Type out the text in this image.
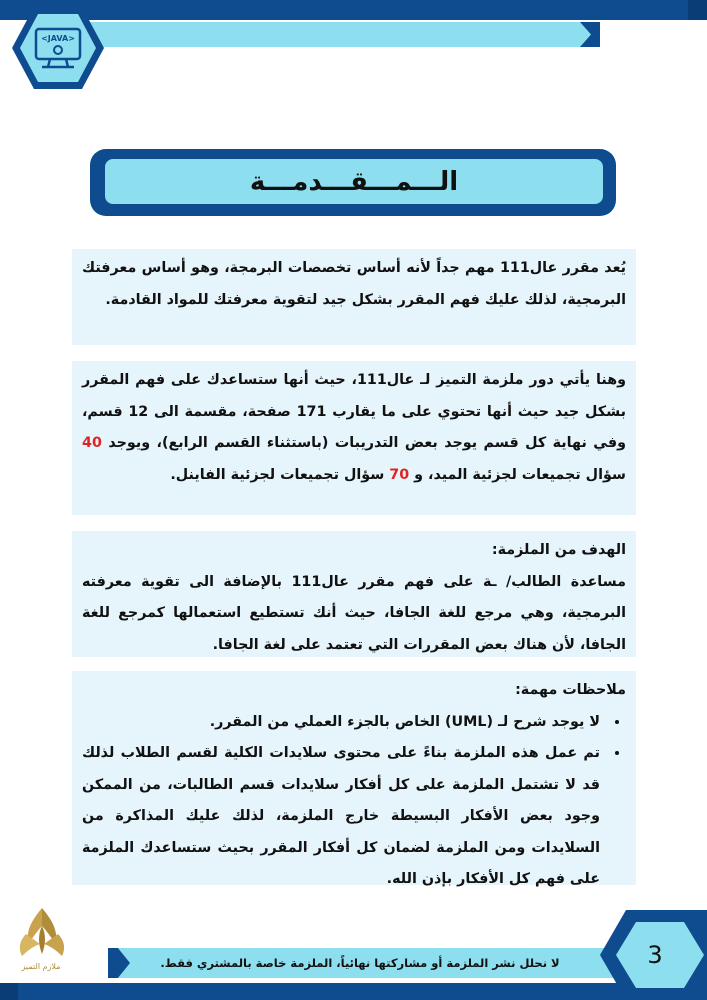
<JAVA>
الـــمـــقـــدمـــة

يُعد مقرر عال111 مهم جداً لأنه أساس تخصصات البرمجة، وهو أساس معرفتك البرمجية، لذلك عليك فهم المقرر بشكل جيد لتقوية معرفتك للمواد القادمة.

وهنا يأتي دور ملزمة التميز لـ عال111، حيث أنها ستساعدك على فهم المقرر بشكل جيد حيث أنها تحتوي على ما يقارب 171 صفحة، مقسمة الى 12 قسم، وفي نهاية كل قسم يوجد بعض التدريبات (باستثناء القسم الرابع)، ويوجد 40 سؤال تجميعات لجزئية الميد، و 70 سؤال تجميعات لجزئية الفاينل.

الهدف من الملزمة:

مساعدة الطالب/ ـة على فهم مقرر عال111 بالإضافة الى تقوية معرفته البرمجية، وهي مرجع للغة الجافا، حيث أنك تستطيع استعمالها كمرجع للغة الجافا، لأن هناك بعض المقررات التي تعتمد على لغة الجافا.

ملاحظات مهمة:

• لا يوجد شرح لـ (UML) الخاص بالجزء العملي من المقرر.
• تم عمل هذه الملزمة بناءً على محتوى سلايدات الكلية لقسم الطلاب لذلك قد لا تشتمل الملزمة على كل أفكار سلايدات قسم الطالبات، من الممكن وجود بعض الأفكار البسيطة خارج الملزمة، لذلك عليك المذاكرة من السلايدات ومن الملزمة لضمان كل أفكار المقرر بحيث ستساعدك الملزمة على فهم كل الأفكار بإذن الله.
ملازم التميز	لا نحلل نشر الملزمة أو مشاركتها نهائياً، الملزمة خاصة بالمشتري فقط.	3
